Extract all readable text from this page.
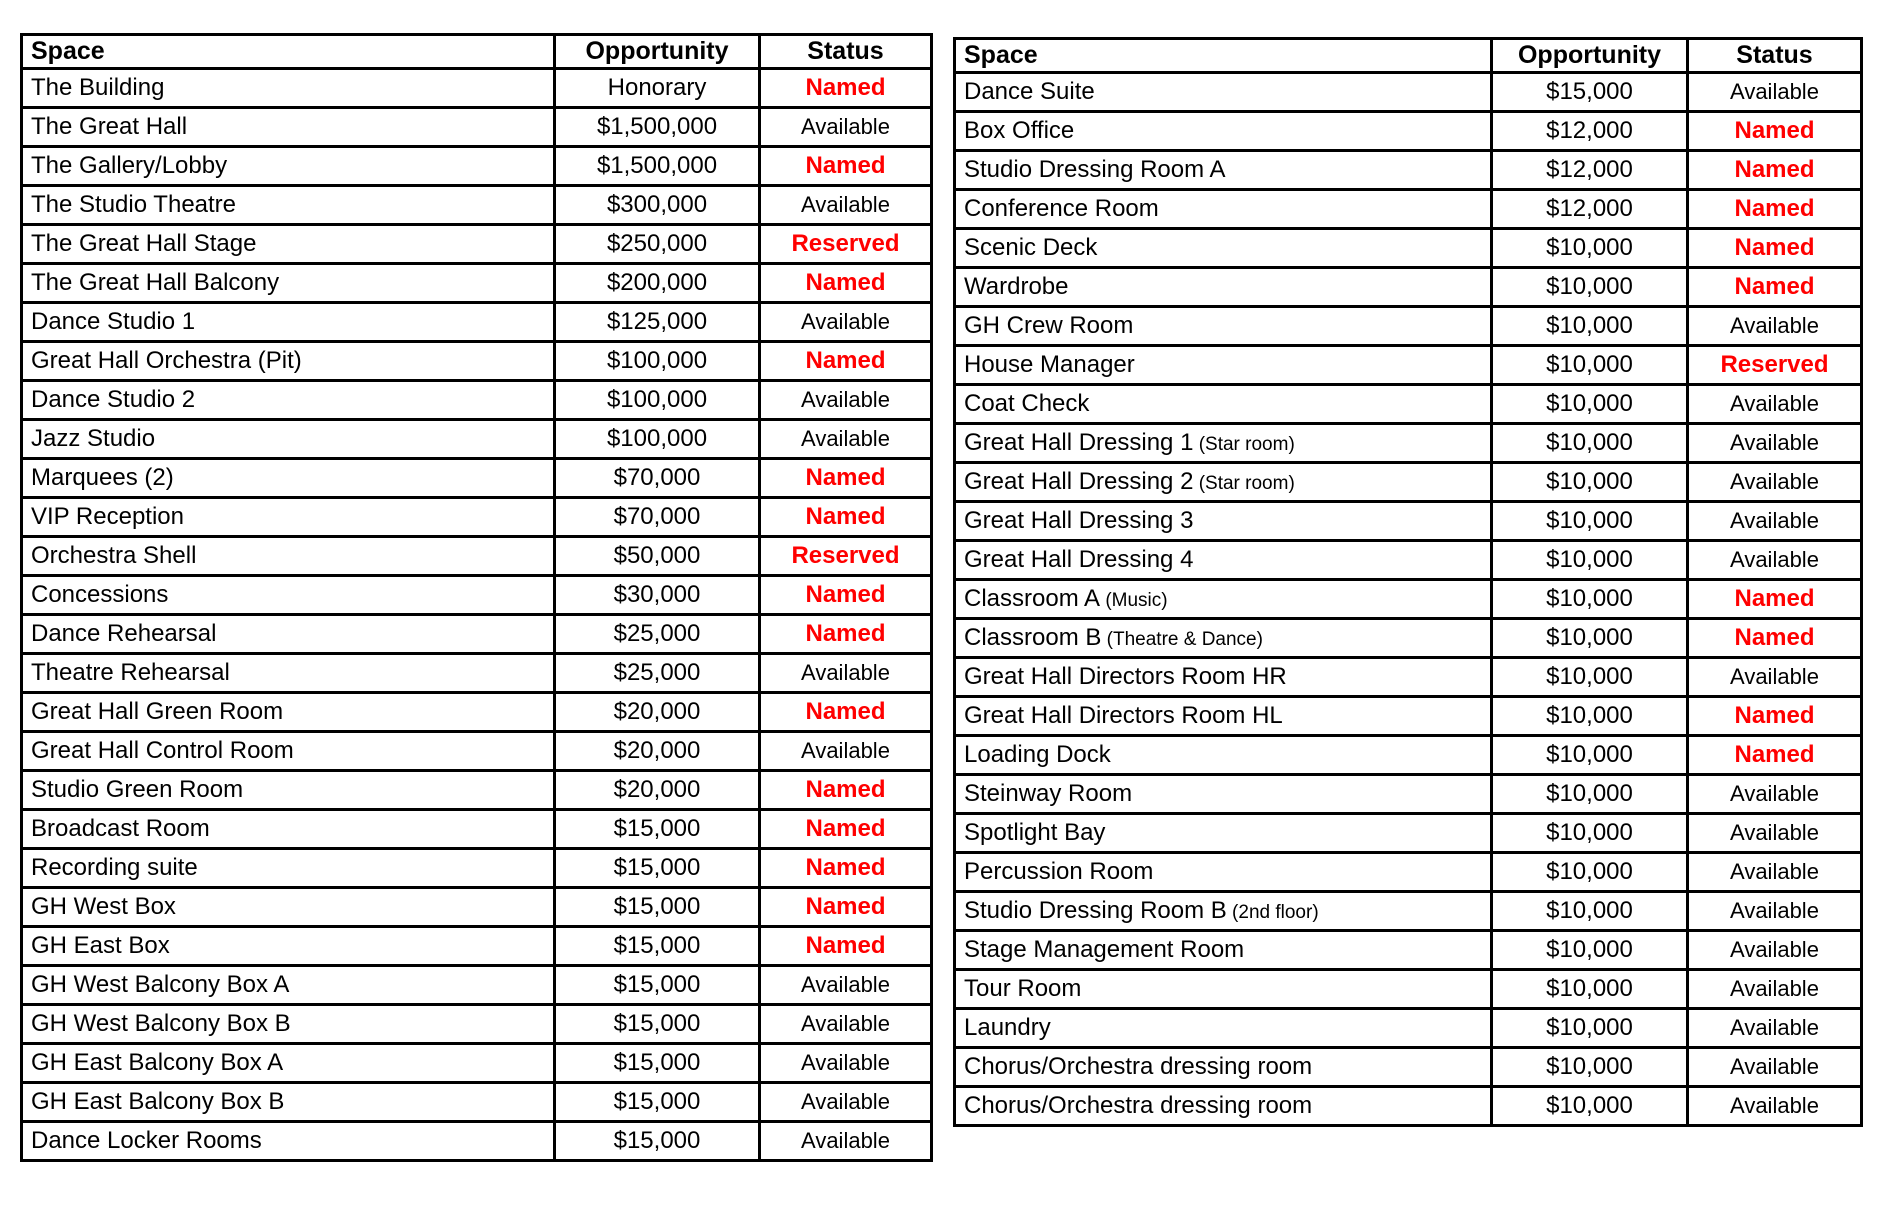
Space	Opportunity	Status
The Building	Honorary	Named
The Great Hall	$1,500,000	Available
The Gallery/Lobby	$1,500,000	Named
The Studio Theatre	$300,000	Available
The Great Hall Stage	$250,000	Reserved
The Great Hall Balcony	$200,000	Named
Dance Studio 1	$125,000	Available
Great Hall Orchestra (Pit)	$100,000	Named
Dance Studio 2	$100,000	Available
Jazz Studio	$100,000	Available
Marquees (2)	$70,000	Named
VIP Reception	$70,000	Named
Orchestra Shell	$50,000	Reserved
Concessions	$30,000	Named
Dance Rehearsal	$25,000	Named
Theatre Rehearsal	$25,000	Available
Great Hall Green Room	$20,000	Named
Great Hall Control Room	$20,000	Available
Studio Green Room	$20,000	Named
Broadcast Room	$15,000	Named
Recording suite	$15,000	Named
GH West Box	$15,000	Named
GH East Box	$15,000	Named
GH West Balcony Box A	$15,000	Available
GH West Balcony Box B	$15,000	Available
GH East Balcony Box A	$15,000	Available
GH East Balcony Box B	$15,000	Available
Dance Locker Rooms	$15,000	Available
Space	Opportunity	Status
Dance Suite	$15,000	Available
Box Office	$12,000	Named
Studio Dressing Room A	$12,000	Named
Conference Room	$12,000	Named
Scenic Deck	$10,000	Named
Wardrobe	$10,000	Named
GH Crew Room	$10,000	Available
House Manager	$10,000	Reserved
Coat Check	$10,000	Available
Great Hall Dressing 1 (Star room)	$10,000	Available
Great Hall Dressing 2 (Star room)	$10,000	Available
Great Hall Dressing 3	$10,000	Available
Great Hall Dressing 4	$10,000	Available
Classroom A (Music)	$10,000	Named
Classroom B (Theatre & Dance)	$10,000	Named
Great Hall Directors Room HR	$10,000	Available
Great Hall Directors Room HL	$10,000	Named
Loading Dock	$10,000	Named
Steinway Room	$10,000	Available
Spotlight Bay	$10,000	Available
Percussion Room	$10,000	Available
Studio Dressing Room B (2nd floor)	$10,000	Available
Stage Management Room	$10,000	Available
Tour Room	$10,000	Available
Laundry	$10,000	Available
Chorus/Orchestra dressing room	$10,000	Available
Chorus/Orchestra dressing room	$10,000	Available
